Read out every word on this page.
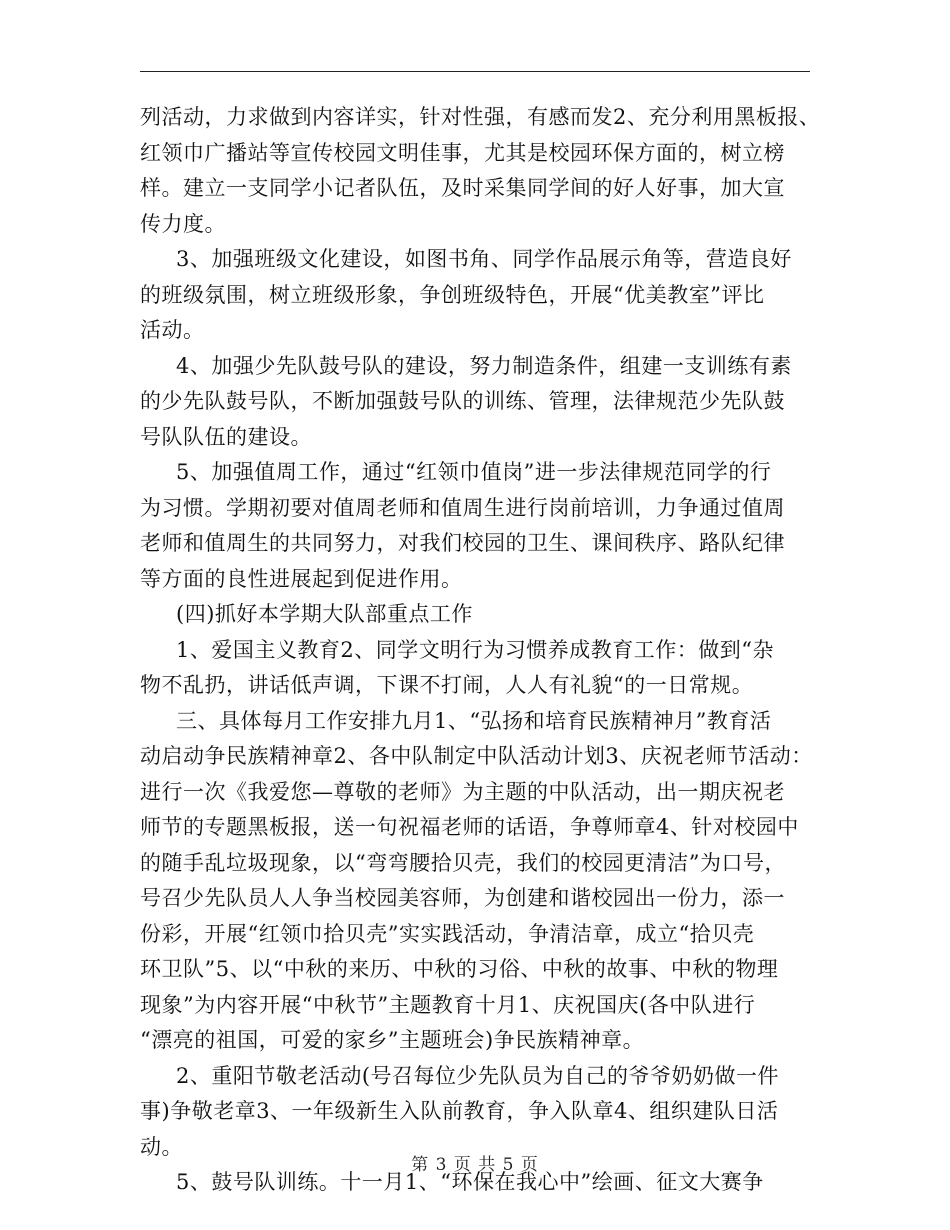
列活动，力求做到内容详实，针对性强，有感而发2、充分利用黑板报、
红领巾广播站等宣传校园文明佳事，尤其是校园环保方面的，树立榜
样。建立一支同学小记者队伍，及时采集同学间的好人好事，加大宣
传力度。
3、加强班级文化建设，如图书角、同学作品展示角等，营造良好
的班级氛围，树立班级形象，争创班级特色，开展“优美教室”评比
活动。
4、加强少先队鼓号队的建设，努力制造条件，组建一支训练有素
的少先队鼓号队，不断加强鼓号队的训练、管理，法律规范少先队鼓
号队队伍的建设。
5、加强值周工作，通过“红领巾值岗”进一步法律规范同学的行
为习惯。学期初要对值周老师和值周生进行岗前培训，力争通过值周
老师和值周生的共同努力，对我们校园的卫生、课间秩序、路队纪律
等方面的良性进展起到促进作用。
(四)抓好本学期大队部重点工作
1、爱国主义教育2、同学文明行为习惯养成教育工作：做到“杂
物不乱扔，讲话低声调，下课不打闹，人人有礼貌“的一日常规。
三、具体每月工作安排九月1、“弘扬和培育民族精神月”教育活
动启动争民族精神章2、各中队制定中队活动计划3、庆祝老师节活动：
进行一次《我爱您—尊敬的老师》为主题的中队活动，出一期庆祝老
师节的专题黑板报，送一句祝福老师的话语，争尊师章4、针对校园中
的随手乱垃圾现象，以“弯弯腰拾贝壳，我们的校园更清洁”为口号，
号召少先队员人人争当校园美容师，为创建和谐校园出一份力，添一
份彩，开展“红领巾拾贝壳”实实践活动，争清洁章，成立“拾贝壳
环卫队”5、以“中秋的来历、中秋的习俗、中秋的故事、中秋的物理
现象”为内容开展“中秋节”主题教育十月1、庆祝国庆(各中队进行
“漂亮的祖国，可爱的家乡”主题班会)争民族精神章。
2、重阳节敬老活动(号召每位少先队员为自己的爷爷奶奶做一件
事)争敬老章3、一年级新生入队前教育，争入队章4、组织建队日活
动。
5、鼓号队训练。十一月1、“环保在我心中”绘画、征文大赛争
第 3 页 共 5 页
